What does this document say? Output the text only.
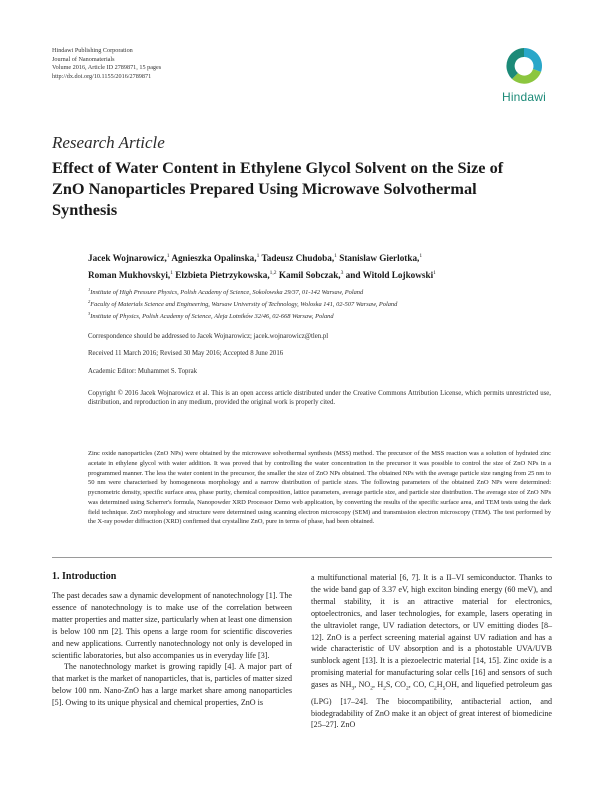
Hindawi Publishing Corporation
Journal of Nanomaterials
Volume 2016, Article ID 2789871, 15 pages
http://dx.doi.org/10.1155/2016/2789871
Hindawi
Research Article
Effect of Water Content in Ethylene Glycol Solvent on the Size of ZnO Nanoparticles Prepared Using Microwave Solvothermal Synthesis
Jacek Wojnarowicz,$^1$ Agnieszka Opalinska,$^1$ Tadeusz Chudoba,$^1$ Stanislaw Gierlotka,$^1$
Roman Mukhovskyi,$^1$ Elzbieta Pietrzykowska,$^{1,2}$ Kamil Sobczak,$^3$ and Witold Lojkowski$^1$
$^1$Institute of High Pressure Physics, Polish Academy of Science, Sokolowska 29/37, 01-142 Warsaw, Poland
$^2$Faculty of Materials Science and Engineering, Warsaw University of Technology, Woloska 141, 02-507 Warsaw, Poland
$^3$Institute of Physics, Polish Academy of Science, Aleja Lotników 32/46, 02-668 Warsaw, Poland
Correspondence should be addressed to Jacek Wojnarowicz; jacek.wojnarowicz@tlen.pl
Received 11 March 2016; Revised 30 May 2016; Accepted 8 June 2016
Academic Editor: Muhammet S. Toprak
Copyright © 2016 Jacek Wojnarowicz et al. This is an open access article distributed under the Creative Commons Attribution License, which permits unrestricted use, distribution, and reproduction in any medium, provided the original work is properly cited.
Zinc oxide nanoparticles (ZnO NPs) were obtained by the microwave solvothermal synthesis (MSS) method. The precursor of the MSS reaction was a solution of hydrated zinc acetate in ethylene glycol with water addition. It was proved that by controlling the water concentration in the precursor it was possible to control the size of ZnO NPs in a programmed manner. The less the water content in the precursor, the smaller the size of ZnO NPs obtained. The obtained NPs with the average particle size ranging from 25 nm to 50 nm were characterised by homogeneous morphology and a narrow distribution of particle sizes. The following parameters of the obtained ZnO NPs were determined: pycnometric density, specific surface area, phase purity, chemical composition, lattice parameters, average particle size, and particle size distribution. The average size of ZnO NPs was determined using Scherrer's formula, Nanopowder XRD Processor Demo web application, by converting the results of the specific surface area, and TEM tests using the dark field technique. ZnO morphology and structure were determined using scanning electron microscopy (SEM) and transmission electron microscopy (TEM). The test performed by the X-ray powder diffraction (XRD) confirmed that crystalline ZnO, pure in terms of phase, had been obtained.
1. Introduction

The past decades saw a dynamic development of nanotechnology [1]. The essence of nanotechnology is to make use of the correlation between matter properties and matter size, particularly when at least one dimension is below 100 nm [2]. This opens a large room for scientific discoveries and new applications. Currently nanotechnology not only is developed in scientific laboratories, but also accompanies us in everyday life [3].

The nanotechnology market is growing rapidly [4]. A major part of that market is the market of nanoparticles, that is, particles of matter sized below 100 nm. Nano-ZnO has a large market share among nanoparticles [5]. Owing to its unique physical and chemical properties, ZnO is

a multifunctional material [6, 7]. It is a II–VI semiconductor. Thanks to the wide band gap of 3.37 eV, high exciton binding energy (60 meV), and thermal stability, it is an attractive material for electronics, optoelectronics, and laser technologies, for example, lasers operating in the ultraviolet range, UV radiation detectors, or UV emitting diodes [8–12]. ZnO is a perfect screening material against UV radiation and has a wide characteristic of UV absorption and is a photostable UVA/UVB sunblock agent [13]. It is a piezoelectric material [14, 15]. Zinc oxide is a promising material for manufacturing solar cells [16] and sensors of such gases as $NH_3$, $NO_2$, $H_2S$, $CO_2$, CO, $C_2H_5OH$, and liquefied petroleum gas (LPG) [17–24]. The biocompatibility, antibacterial action, and biodegradability of ZnO make it an object of great interest of biomedicine [25–27]. ZnO
